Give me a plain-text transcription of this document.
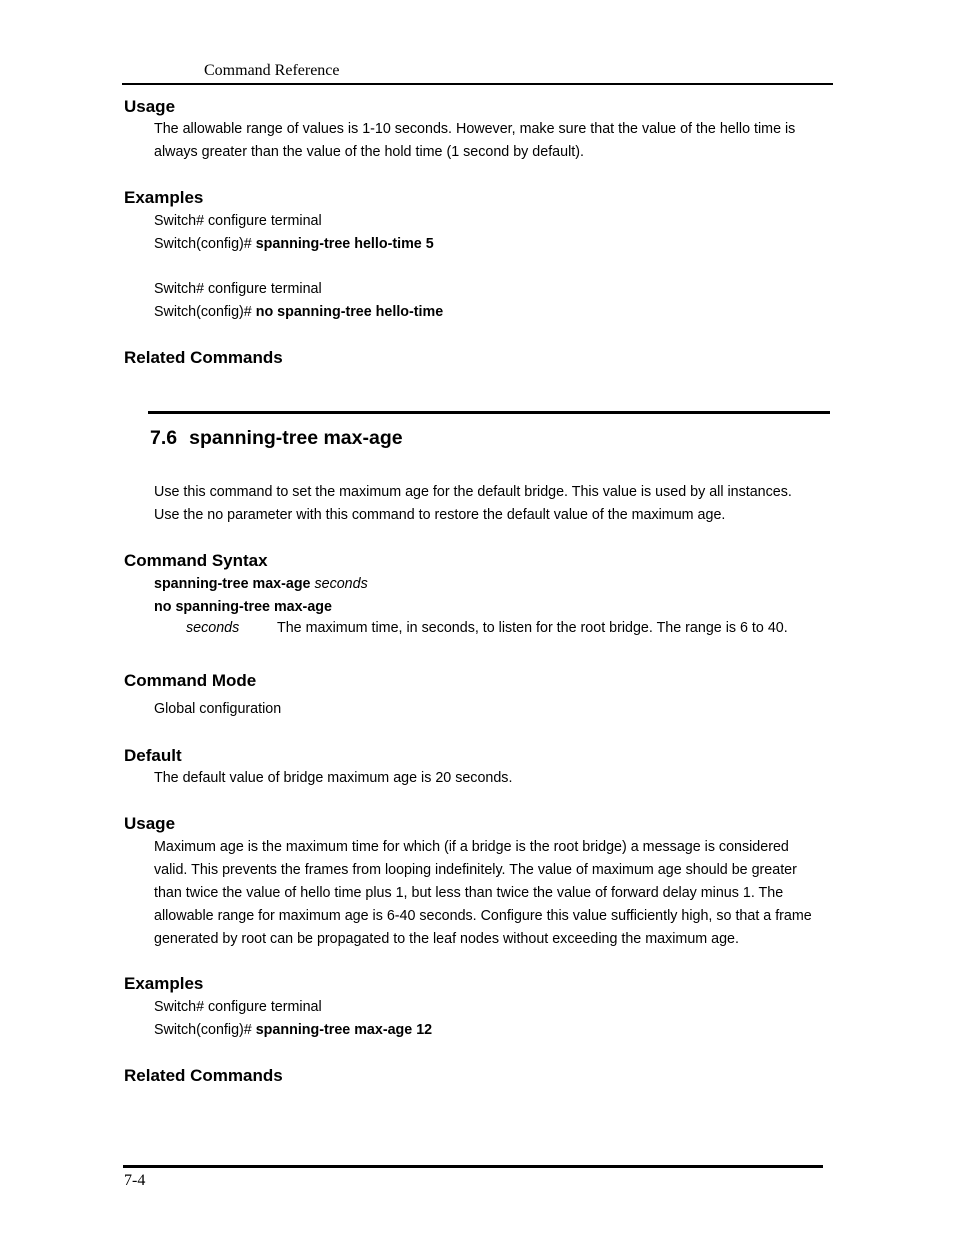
Command Reference
Usage
The allowable range of values is 1-10 seconds. However, make sure that the value of the hello time is
always greater than the value of the hold time (1 second by default).
Examples
Switch# configure terminal
Switch(config)# spanning-tree hello-time 5
Switch# configure terminal
Switch(config)# no spanning-tree hello-time
Related Commands
7.6 spanning-tree max-age
Use this command to set the maximum age for the default bridge. This value is used by all instances.
Use the no parameter with this command to restore the default value of the maximum age.
Command Syntax
spanning-tree max-age seconds
no spanning-tree max-age
seconds	The maximum time, in seconds, to listen for the root bridge. The range is 6 to 40.
Command Mode
Global configuration
Default
The default value of bridge maximum age is 20 seconds.
Usage
Maximum age is the maximum time for which (if a bridge is the root bridge) a message is considered
valid. This prevents the frames from looping indefinitely. The value of maximum age should be greater
than twice the value of hello time plus 1, but less than twice the value of forward delay minus 1. The
allowable range for maximum age is 6-40 seconds. Configure this value sufficiently high, so that a frame
generated by root can be propagated to the leaf nodes without exceeding the maximum age.
Examples
Switch# configure terminal
Switch(config)# spanning-tree max-age 12
Related Commands
7-4
